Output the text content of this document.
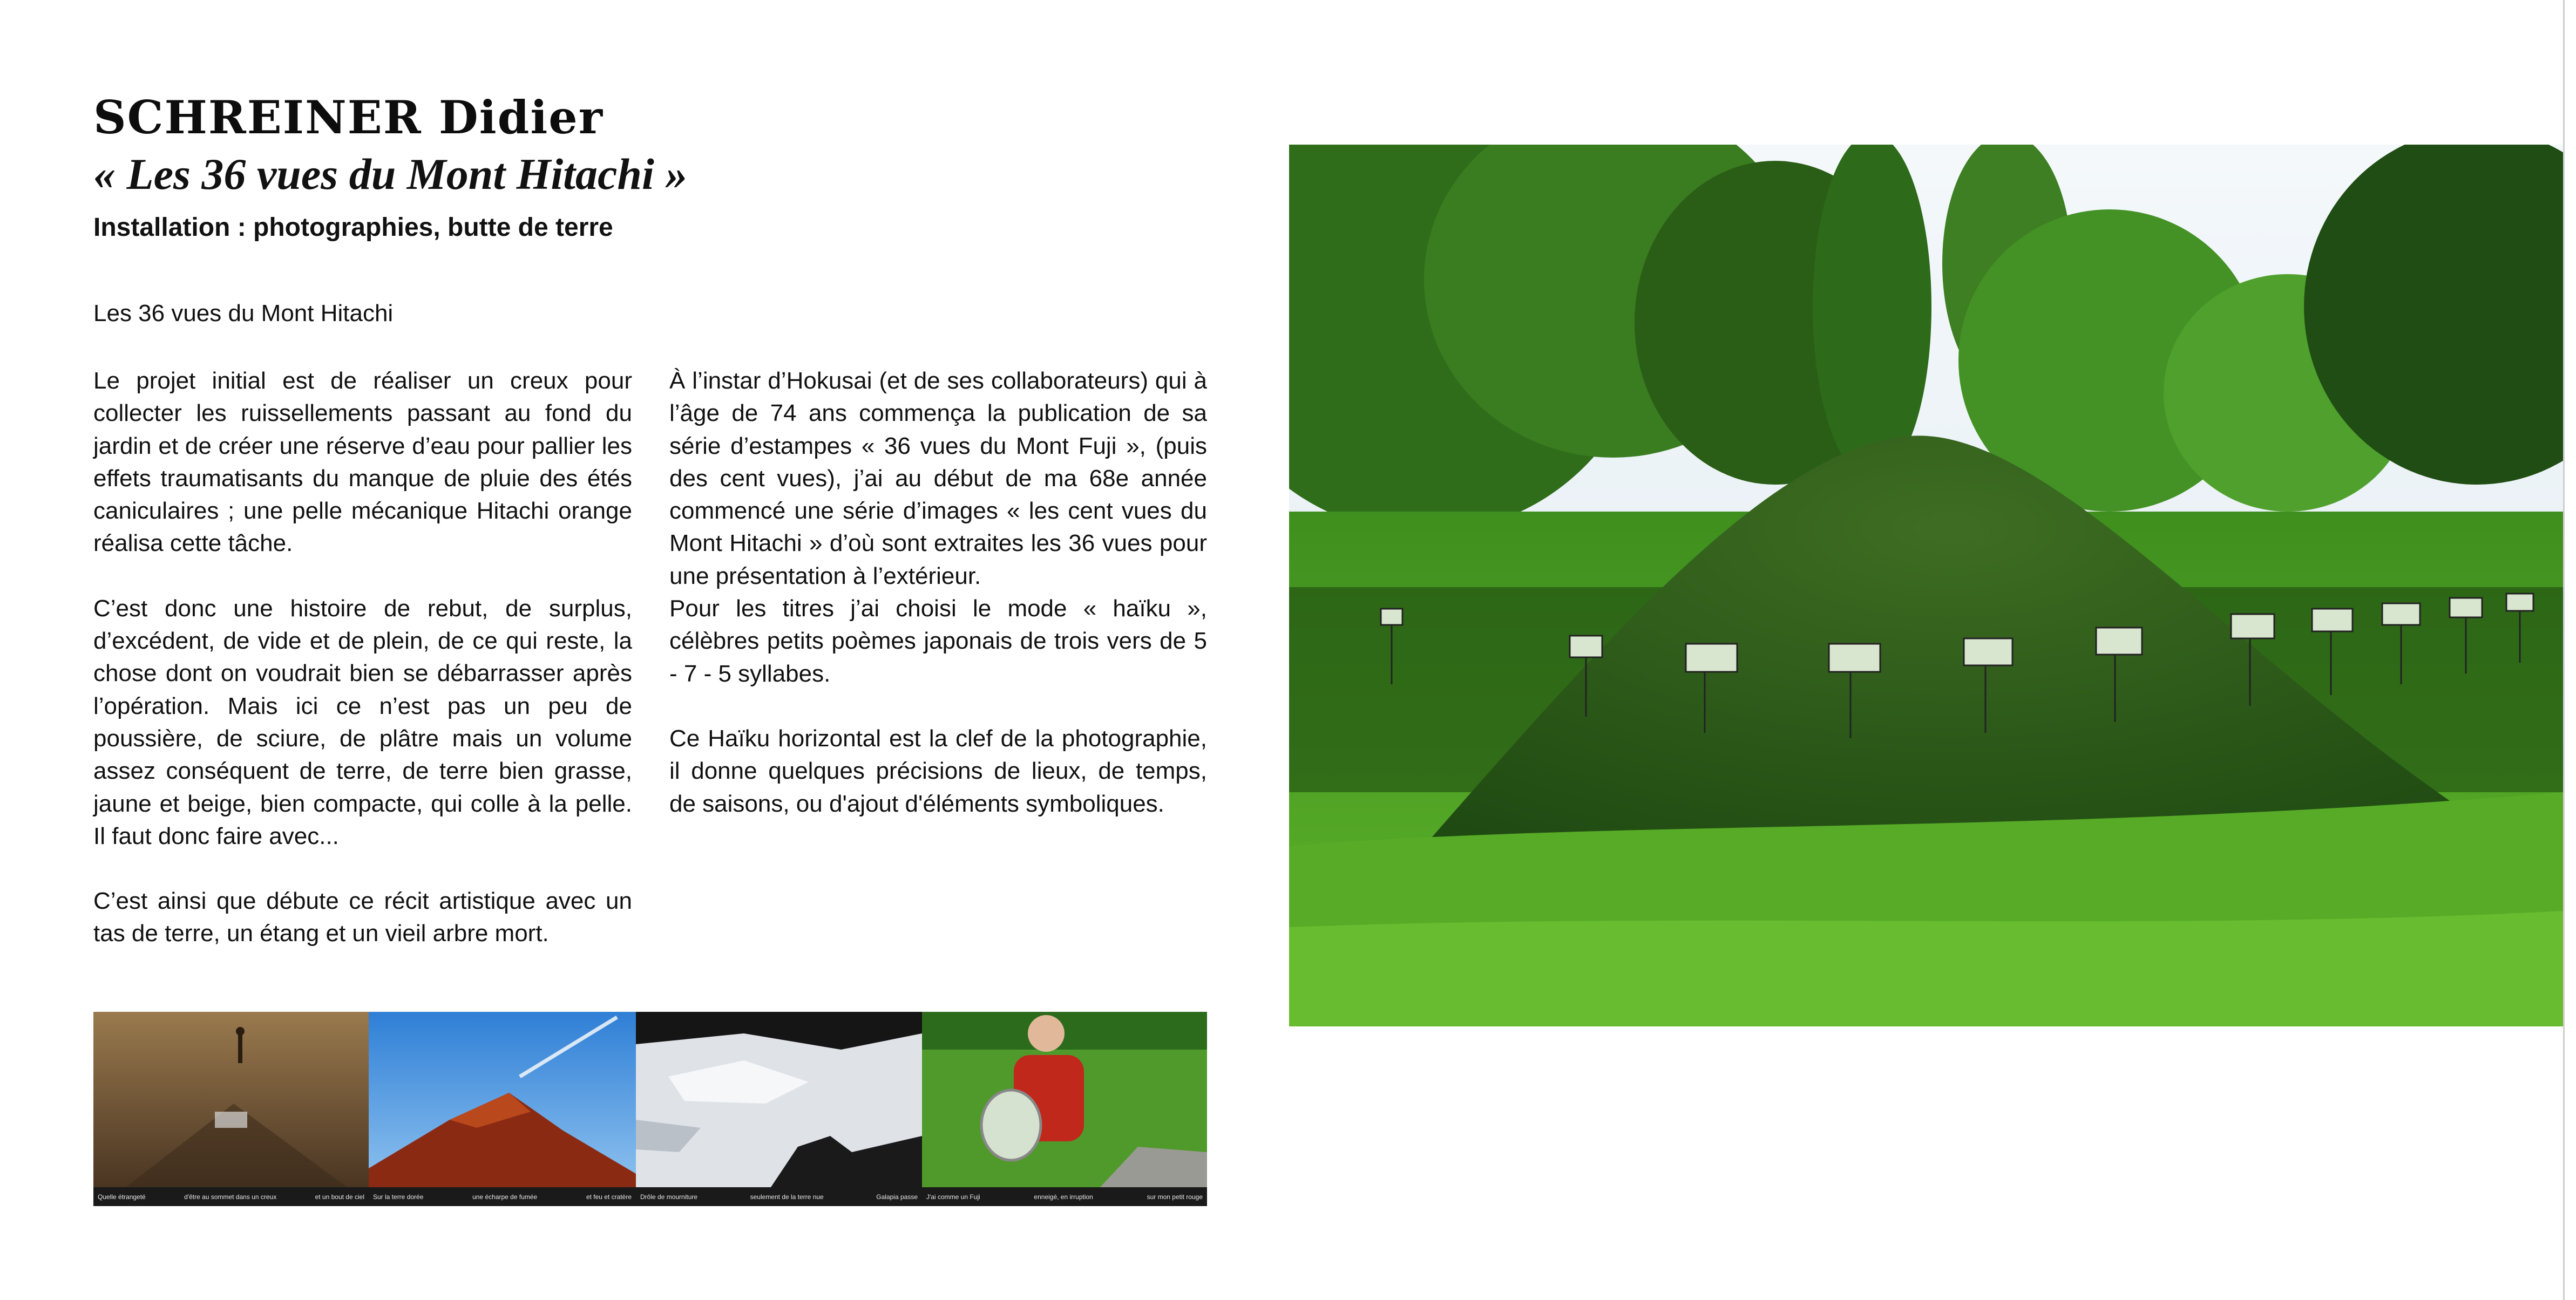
SCHREINER Didier
« Les 36 vues du Mont Hitachi »
Installation : photographies, butte de terre
Les 36 vues du Mont Hitachi

Le projet initial est de réaliser un creux pour collecter les ruissellements passant au fond du jardin et de créer une réserve d’eau pour pallier les effets traumatisants du manque de pluie des étés caniculaires ; une pelle mécanique Hitachi orange réalisa cette tâche.

C’est donc une histoire de rebut, de surplus, d’excédent, de vide et de plein, de ce qui reste, la chose dont on voudrait bien se débarrasser après l’opération. Mais ici ce n’est pas un peu de poussière, de sciure, de plâtre mais un volume assez conséquent de terre, de terre bien grasse, jaune et beige, bien compacte, qui colle à la pelle. Il faut donc faire avec...

C’est ainsi que débute ce récit artistique avec un tas de terre, un étang et un vieil arbre mort.

À l’instar d’Hokusai (et de ses collaborateurs) qui à l’âge de 74 ans commença la publication de sa série d’estampes « 36 vues du Mont Fuji », (puis des cent vues), j’ai au début de ma 68e année commencé une série d’images « les cent vues du Mont Hitachi » d’où sont extraites les 36 vues pour une présentation à l’extérieur.

Pour les titres j’ai choisi le mode « haïku », célèbres petits poèmes japonais de trois vers de 5 - 7 - 5 syllabes.

Ce Haïku horizontal est la clef de la photographie, il donne quelques précisions de lieux, de temps, de saisons, ou d'ajout d'éléments symboliques.

Quelle étrangeté	d'être au sommet dans un creux	et un bout de ciel Sur la terre dorée	une écharpe de fumée	et feu et cratère Drôle de mourniture	seulement de la terre nue	Galapia passe J'ai comme un Fuji	enneigé, en irruption	sur mon petit rouge
